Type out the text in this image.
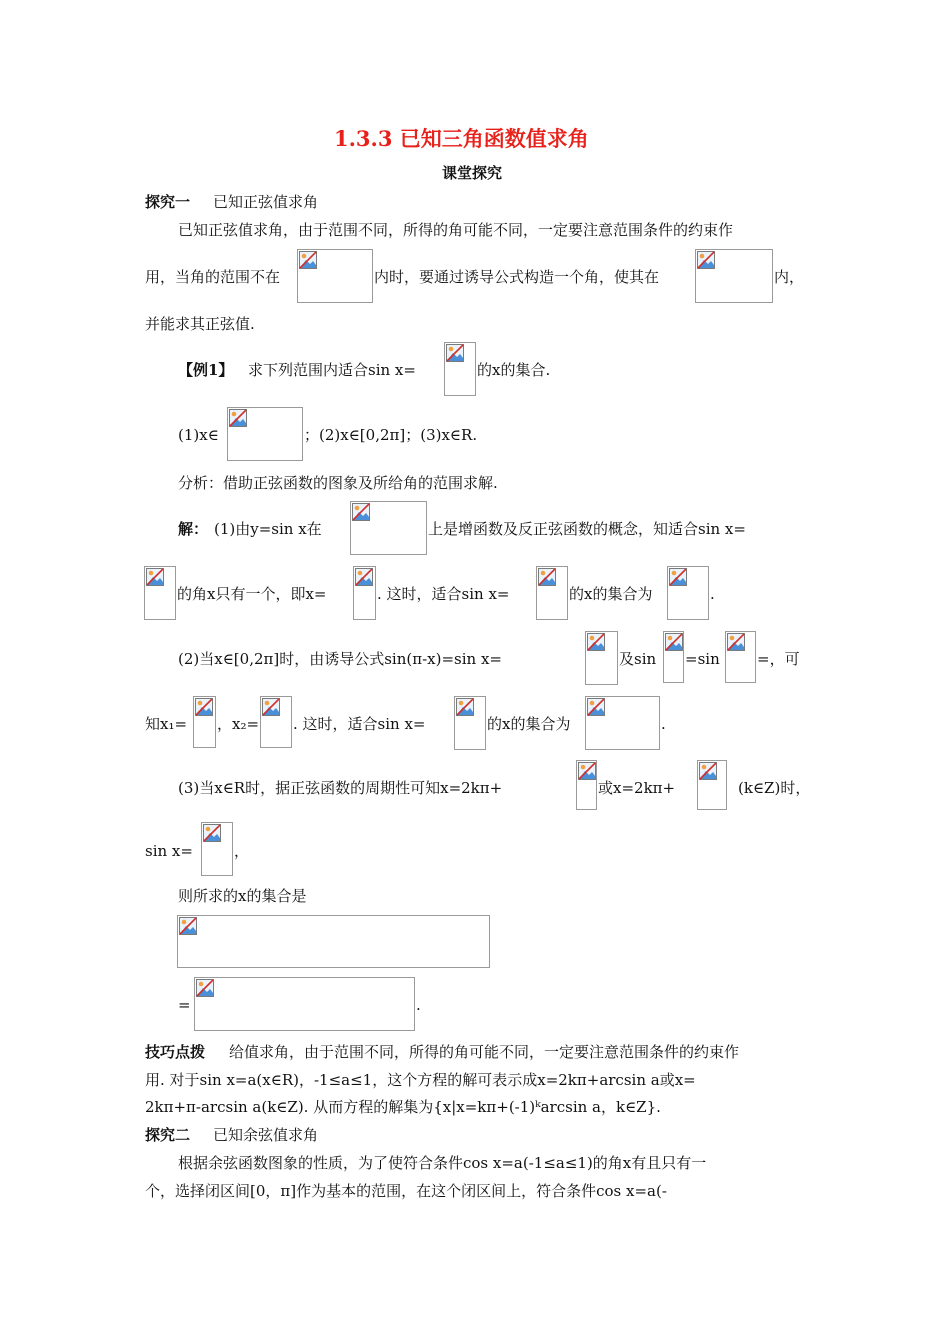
1.3.3 已知三角函数值求角
课堂探究
探究一 已知正弦值求角
已知正弦值求角，由于范围不同，所得的角可能不同，一定要注意范围条件的约束作
用，当角的范围不在	内时，要通过诱导公式构造一个角，使其在	内，
并能求其正弦值.
【例1】 求下列范围内适合sin x=	的x的集合.
(1)x∈	；(2)x∈[0,2π]；(3)x∈R.
分析：借助正弦函数的图象及所给角的范围求解.
解： (1)由y=sin x在	上是增函数及反正弦函数的概念，知适合sin x=
的角x只有一个，即x=	. 这时，适合sin x=	的x的集合为	.
(2)当x∈[0,2π]时，由诱导公式sin(π-x)=sin x=	及sin =sin =，可
知x₁= ，x₂= . 这时，适合sin x=	的x的集合为	.
(3)当x∈R时，据正弦函数的周期性可知x=2kπ+	或x=2kπ+	(k∈Z)时，
sin x=	，
则所求的x的集合是
=	.
技巧点拨 给值求角，由于范围不同，所得的角可能不同，一定要注意范围条件的约束作
用. 对于sin x=a(x∈R)，-1≤a≤1，这个方程的解可表示成x=2kπ+arcsin a或x=
2kπ+π-arcsin a(k∈Z). 从而方程的解集为{x|x=kπ+(-1)ᵏarcsin a，k∈Z}.
探究二 已知余弦值求角
根据余弦函数图象的性质，为了使符合条件cos x=a(-1≤a≤1)的角x有且只有一
个，选择闭区间[0，π]作为基本的范围，在这个闭区间上，符合条件cos x=a(-
